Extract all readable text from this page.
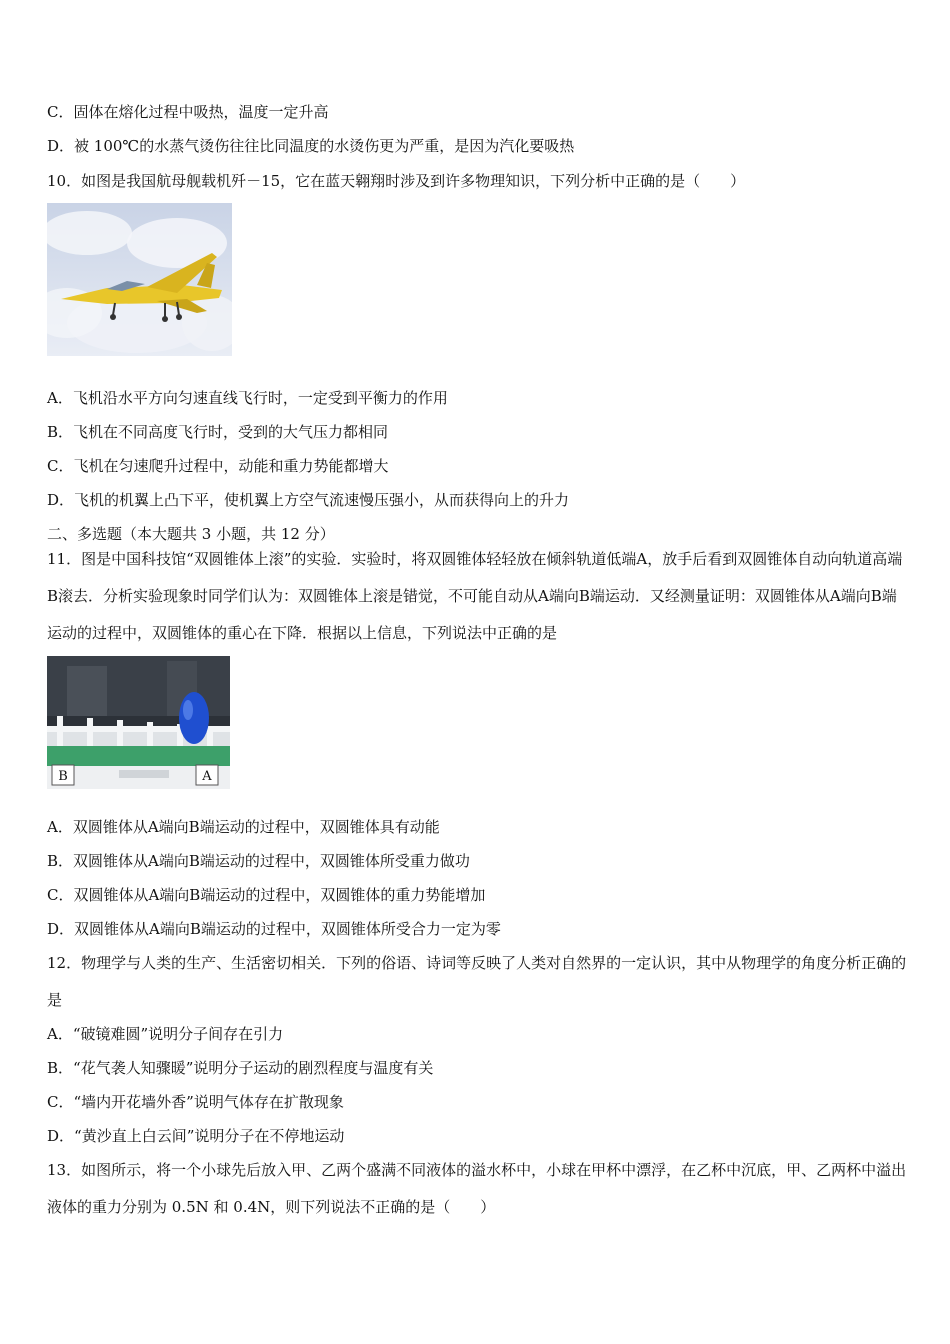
C．固体在熔化过程中吸热，温度一定升高
D．被 100℃的水蒸气烫伤往往比同温度的水烫伤更为严重，是因为汽化要吸热
10．如图是我国航母舰载机歼－15，它在蓝天翱翔时涉及到许多物理知识，下列分析中正确的是（　　）
A．飞机沿水平方向匀速直线飞行时，一定受到平衡力的作用
B．飞机在不同高度飞行时，受到的大气压力都相同
C．飞机在匀速爬升过程中，动能和重力势能都增大
D．飞机的机翼上凸下平，使机翼上方空气流速慢压强小，从而获得向上的升力
二、多选题（本大题共 3 小题，共 12 分）
11．图是中国科技馆“双圆锥体上滚”的实验．实验时，将双圆锥体轻轻放在倾斜轨道低端A，放手后看到双圆锥体自动向轨道高端B滚去．分析实验现象时同学们认为：双圆锥体上滚是错觉，不可能自动从A端向B端运动．又经测量证明：双圆锥体从A端向B端运动的过程中，双圆锥体的重心在下降．根据以上信息，下列说法中正确的是
B	A
A．双圆锥体从A端向B端运动的过程中，双圆锥体具有动能
B．双圆锥体从A端向B端运动的过程中，双圆锥体所受重力做功
C．双圆锥体从A端向B端运动的过程中，双圆锥体的重力势能增加
D．双圆锥体从A端向B端运动的过程中，双圆锥体所受合力一定为零
12．物理学与人类的生产、生活密切相关．下列的俗语、诗词等反映了人类对自然界的一定认识，其中从物理学的角度分析正确的是
A．“破镜难圆”说明分子间存在引力
B．“花气袭人知骤暖”说明分子运动的剧烈程度与温度有关
C．“墙内开花墙外香”说明气体存在扩散现象
D．“黄沙直上白云间”说明分子在不停地运动
13．如图所示，将一个小球先后放入甲、乙两个盛满不同液体的溢水杯中，小球在甲杯中漂浮，在乙杯中沉底，甲、乙两杯中溢出液体的重力分别为 0.5N 和 0.4N，则下列说法不正确的是（　　）
